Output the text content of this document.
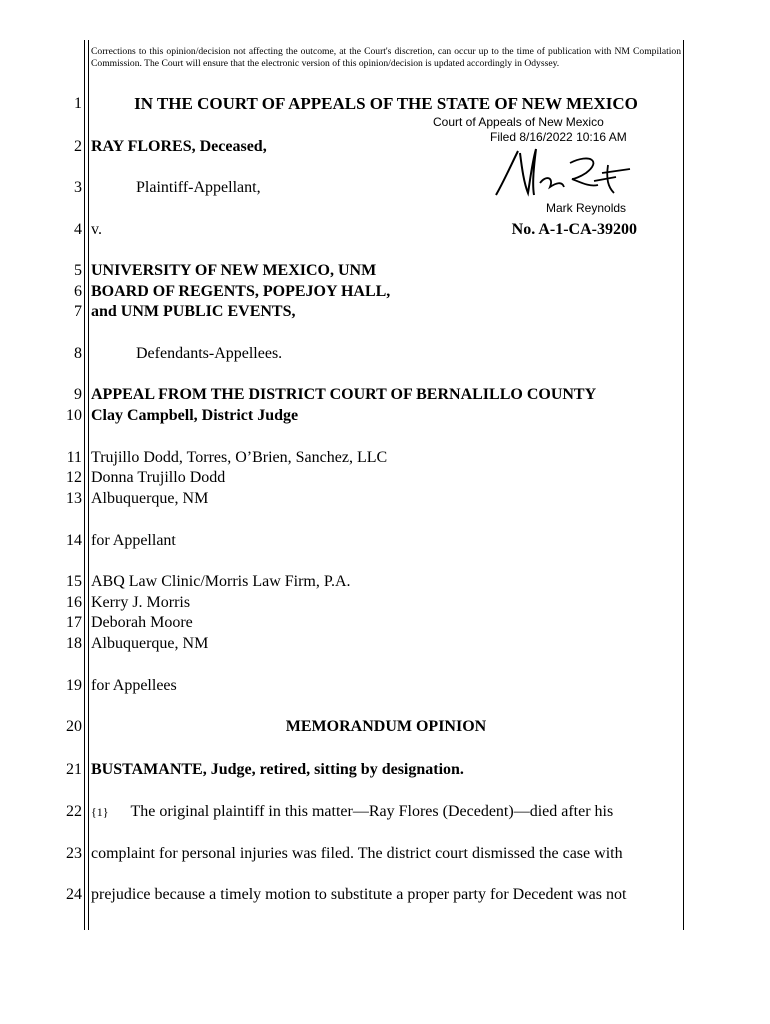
Corrections to this opinion/decision not affecting the outcome, at the Court's discretion, can occur up to the time of publication with NM Compilation Commission. The Court will ensure that the electronic version of this opinion/decision is updated accordingly in Odyssey.
1
2
3
4
5
6
7
8
9
10
11
12
13
14
15
16
17
18
19
20
21
22
23
24
IN THE COURT OF APPEALS OF THE STATE OF NEW MEXICO
Court of Appeals of New Mexico
Filed 8/16/2022 10:16 AM
Mark Reynolds
RAY FLORES, Deceased,
Plaintiff-Appellant,
v.	No. A-1-CA-39200
UNIVERSITY OF NEW MEXICO, UNM
BOARD OF REGENTS, POPEJOY HALL,
and UNM PUBLIC EVENTS,
Defendants-Appellees.
APPEAL FROM THE DISTRICT COURT OF BERNALILLO COUNTY
Clay Campbell, District Judge
Trujillo Dodd, Torres, O’Brien, Sanchez, LLC
Donna Trujillo Dodd
Albuquerque, NM
for Appellant
ABQ Law Clinic/Morris Law Firm, P.A.
Kerry J. Morris
Deborah Moore
Albuquerque, NM
for Appellees
MEMORANDUM OPINION
BUSTAMANTE, Judge, retired, sitting by designation.
{1} The original plaintiff in this matter—Ray Flores (Decedent)—died after his
complaint for personal injuries was filed. The district court dismissed the case with
prejudice because a timely motion to substitute a proper party for Decedent was not
